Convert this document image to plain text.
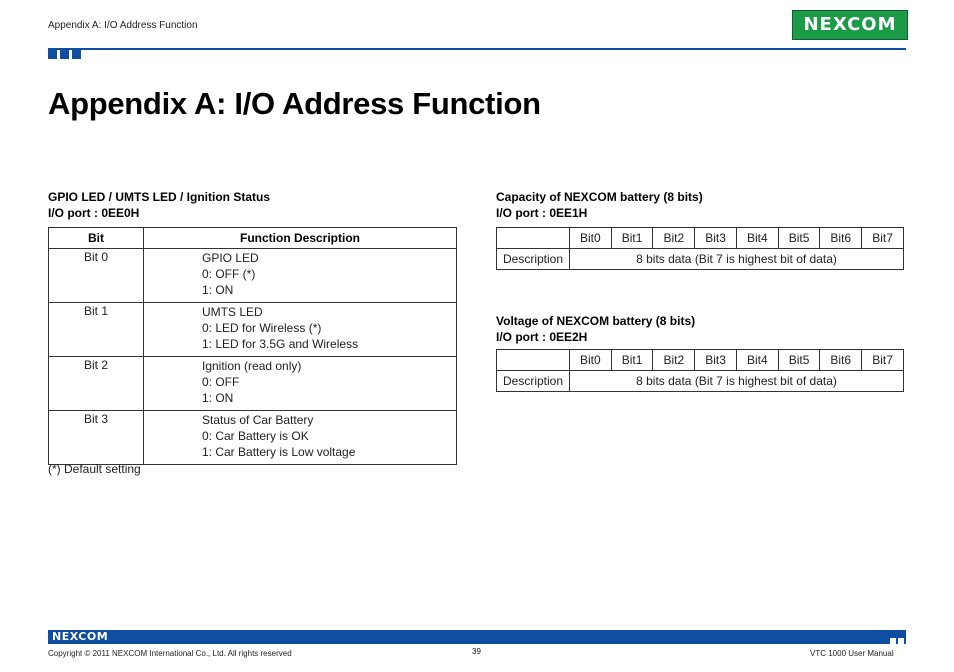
Appendix A: I/O Address Function	NEXCOM
Appendix A: I/O Address Function
GPIO LED / UMTS LED / Ignition Status
I/O port : 0EE0H
Bit	Function Description
Bit 0	GPIO LED
0: OFF (*)
1: ON

Bit 1	UMTS LED
0: LED for Wireless (*)
1: LED for 3.5G and Wireless

Bit 2	Ignition (read only)
0: OFF
1: ON

Bit 3	Status of Car Battery
0: Car Battery is OK
1: Car Battery is Low voltage
(*) Default setting
Capacity of NEXCOM battery (8 bits)
I/O port : 0EE1H
	Bit0	Bit1	Bit2	Bit3	Bit4	Bit5	Bit6	Bit7
Description	8 bits data (Bit 7 is highest bit of data)							
Voltage of NEXCOM battery (8 bits)
I/O port : 0EE2H
	Bit0	Bit1	Bit2	Bit3	Bit4	Bit5	Bit6	Bit7
Description	8 bits data (Bit 7 is highest bit of data)							
NEXCOM
Copyright © 2011 NEXCOM International Co., Ltd. All rights reserved	39	VTC 1000 User Manual
